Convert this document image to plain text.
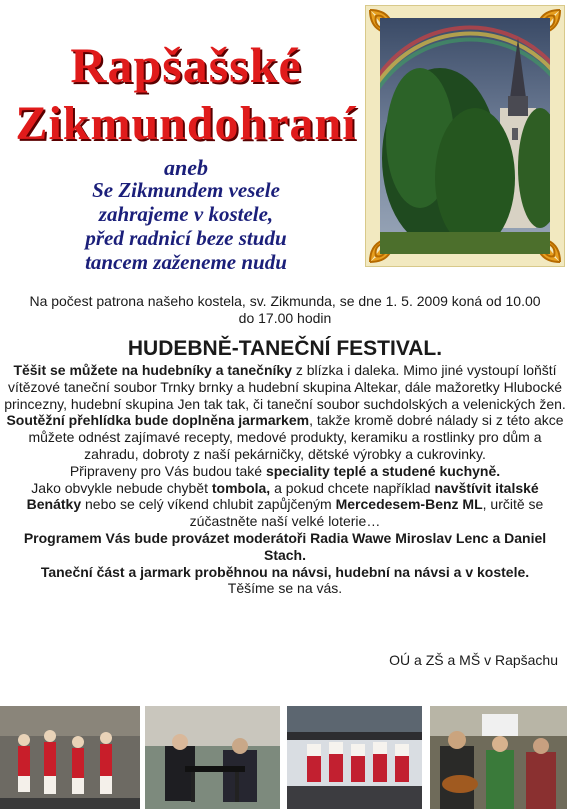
Rapšašské
Zikmundohraní
aneb
Se Zikmundem vesele
zahrajeme v kostele,
před radnicí beze studu
tancem zaženeme nudu
Na počest patrona našeho kostela, sv. Zikmunda, se dne 1. 5. 2009 koná od 10.00
do 17.00 hodin
HUDEBNĚ-TANEČNÍ FESTIVAL.

Těšit se můžete na hudebníky a tanečníky z blízka i daleka. Mimo jiné vystoupí loňští vítězové taneční soubor Trnky brnky a hudební skupina Altekar, dále mažoretky Hlubocké princezny, hudební skupina Jen tak tak, či taneční soubor suchdolských a velenických žen.

Soutěžní přehlídka bude doplněna jarmarkem, takže kromě dobré nálady si z této akce můžete odnést zajímavé recepty, medové produkty, keramiku a rostlinky pro dům a zahradu, dobroty z naší pekárničky, dětské výrobky a cukrovinky.

Připraveny pro Vás budou také speciality teplé a studené kuchyně.

Jako obvykle nebude chybět tombola, a pokud chcete například navštívit italské Benátky nebo se celý víkend chlubit zapůjčeným Mercedesem-Benz ML, určitě se zúčastněte naší velké loterie…

Programem Vás bude provázet moderátoři Radia Wawe Miroslav Lenc a Daniel Stach.

Taneční část a jarmark proběhnou na návsi, hudební na návsi a v kostele.

Těšíme se na vás.

OÚ a ZŠ a MŠ v Rapšachu
